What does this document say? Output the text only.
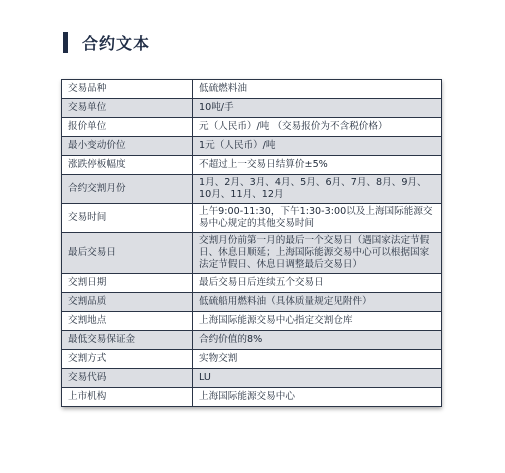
合约文本
交易品种	低硫燃料油
交易单位	10吨/手
报价单位	元（人民币）/吨 （交易报价为不含税价格）
最小变动价位	1元（人民币）/吨
涨跌停板幅度	不超过上一交易日结算价±5%
合约交割月份	1月、2月、3月、4月、5月、6月、7月、8月、9月、10月、11月、12月
交易时间	上午9:00-11:30，下午1:30-3:00以及上海国际能源交易中心规定的其他交易时间
最后交易日	交割月份前第一月的最后一个交易日（遇国家法定节假日、休息日顺延；上海国际能源交易中心可以根据国家法定节假日、休息日调整最后交易日）
交割日期	最后交易日后连续五个交易日
交割品质	低硫船用燃料油（具体质量规定见附件）
交割地点	上海国际能源交易中心指定交割仓库
最低交易保证金	合约价值的8%
交割方式	实物交割
交易代码	LU
上市机构	上海国际能源交易中心
